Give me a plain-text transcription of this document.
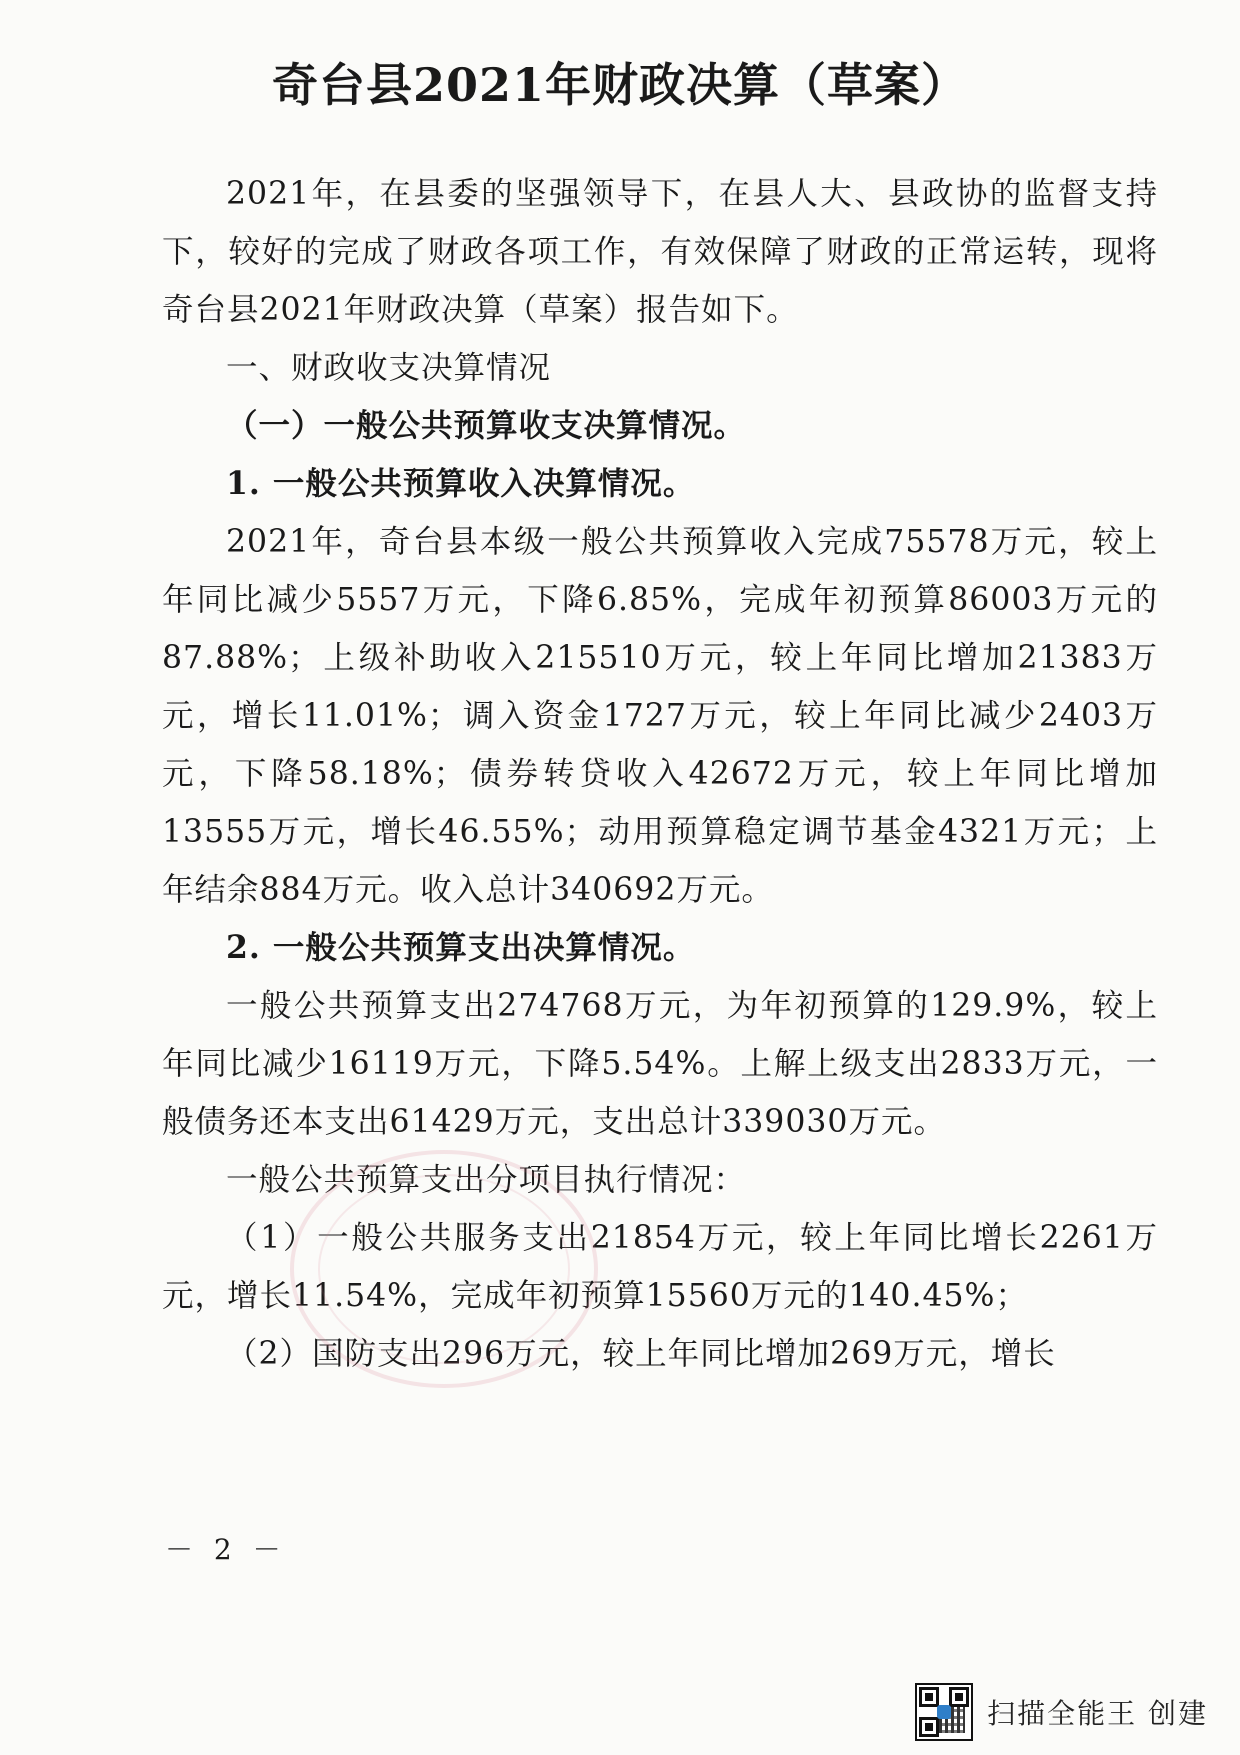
奇台县2021年财政决算（草案）

2021年，在县委的坚强领导下，在县人大、县政协的监督支持下，较好的完成了财政各项工作，有效保障了财政的正常运转，现将奇台县2021年财政决算（草案）报告如下。

一、财政收支决算情况

（一）一般公共预算收支决算情况。

1. 一般公共预算收入决算情况。

2021年，奇台县本级一般公共预算收入完成75578万元，较上年同比减少5557万元，下降6.85%，完成年初预算86003万元的87.88%；上级补助收入215510万元，较上年同比增加21383万元，增长11.01%；调入资金1727万元，较上年同比减少2403万元，下降58.18%；债券转贷收入42672万元，较上年同比增加13555万元，增长46.55%；动用预算稳定调节基金4321万元；上年结余884万元。收入总计340692万元。

2. 一般公共预算支出决算情况。

一般公共预算支出274768万元，为年初预算的129.9%，较上年同比减少16119万元，下降5.54%。上解上级支出2833万元，一般债务还本支出61429万元，支出总计339030万元。

一般公共预算支出分项目执行情况：

（1）一般公共服务支出21854万元，较上年同比增长2261万元，增长11.54%，完成年初预算15560万元的140.45%；

（2）国防支出296万元，较上年同比增加269万元，增长

－ 2 －
扫描全能王 创建
